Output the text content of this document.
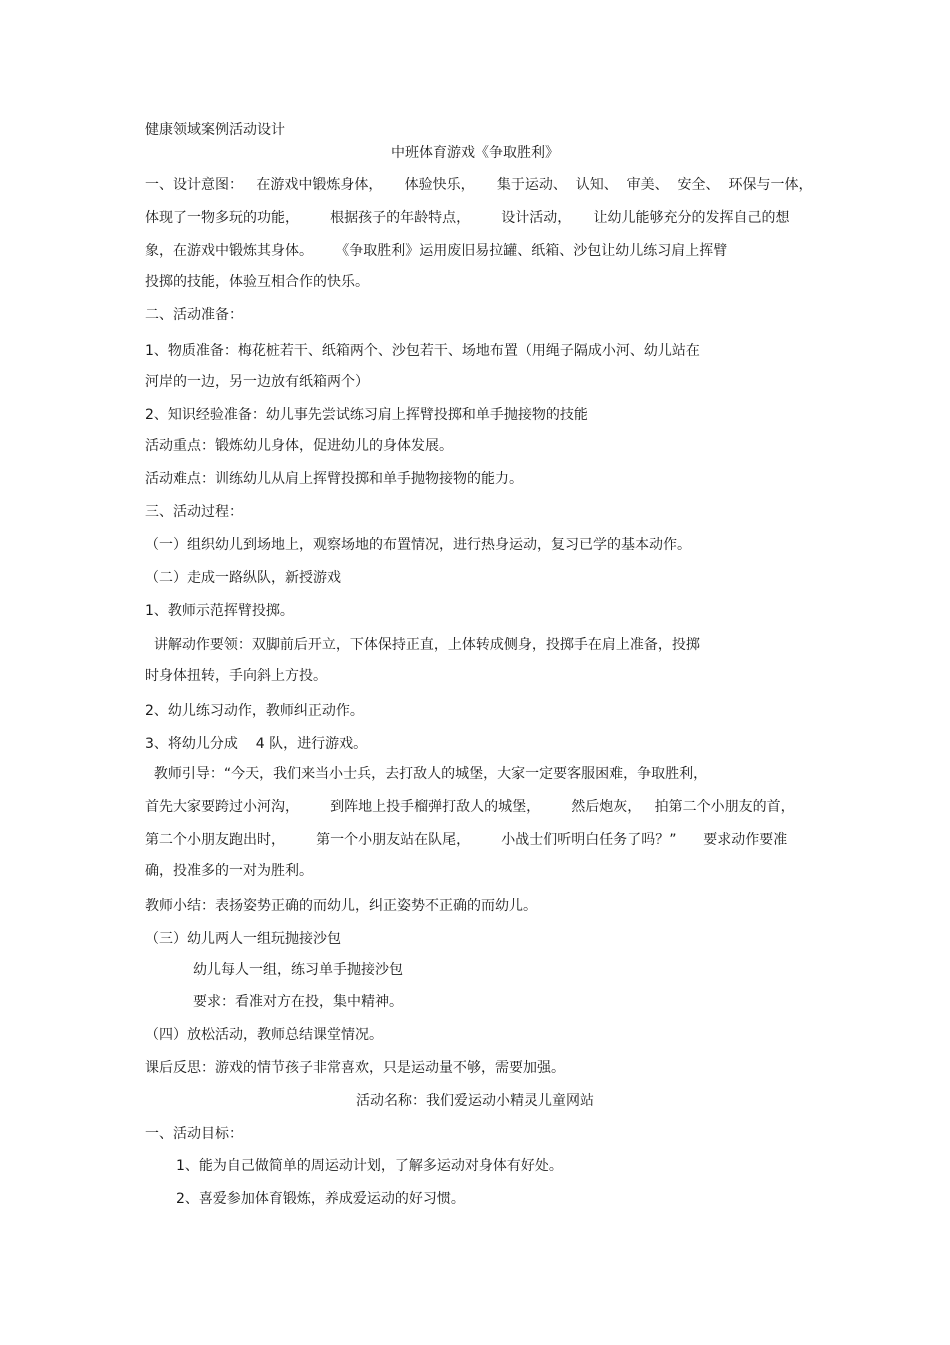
健康领域案例活动设计

中班体育游戏《争取胜利》

一、设计意图：   在游戏中锻炼身体，     体验快乐，     集于运动、  认知、  审美、  安全、  环保与一体，

体现了一物多玩的功能，       根据孩子的年龄特点，       设计活动，     让幼儿能够充分的发挥自己的想

象，在游戏中锻炼其身体。     《争取胜利》运用废旧易拉罐、纸箱、沙包让幼儿练习肩上挥臂

投掷的技能，体验互相合作的快乐。

二、活动准备：

1、物质准备：梅花桩若干、纸箱两个、沙包若干、场地布置（用绳子隔成小河、幼儿站在

河岸的一边，另一边放有纸箱两个）

2、知识经验准备：幼儿事先尝试练习肩上挥臂投掷和单手抛接物的技能

活动重点：锻炼幼儿身体，促进幼儿的身体发展。

活动难点：训练幼儿从肩上挥臂投掷和单手抛物接物的能力。

三、活动过程：

（一）组织幼儿到场地上，观察场地的布置情况，进行热身运动，复习已学的基本动作。

（二）走成一路纵队，新授游戏

1、教师示范挥臂投掷。

讲解动作要领：双脚前后开立，下体保持正直，上体转成侧身，投掷手在肩上准备，投掷

时身体扭转，手向斜上方投。

2、幼儿练习动作，教师纠正动作。

3、将幼儿分成    4 队，进行游戏。

教师引导：“今天，我们来当小士兵，去打敌人的城堡，大家一定要客服困难，争取胜利，

首先大家要跨过小河沟，       到阵地上投手榴弹打敌人的城堡，       然后炮灰，   拍第二个小朋友的首，

第二个小朋友跑出时，       第一个小朋友站在队尾，       小战士们听明白任务了吗？”      要求动作要准

确，投准多的一对为胜利。

教师小结：表扬姿势正确的而幼儿，纠正姿势不正确的而幼儿。

（三）幼儿两人一组玩抛接沙包

幼儿每人一组，练习单手抛接沙包

要求：看准对方在投，集中精神。

（四）放松活动，教师总结课堂情况。

课后反思：游戏的情节孩子非常喜欢，只是运动量不够，需要加强。

活动名称：我们爱运动小精灵儿童网站

一、活动目标：

1、能为自己做简单的周运动计划，了解多运动对身体有好处。

2、喜爱参加体育锻炼，养成爱运动的好习惯。
